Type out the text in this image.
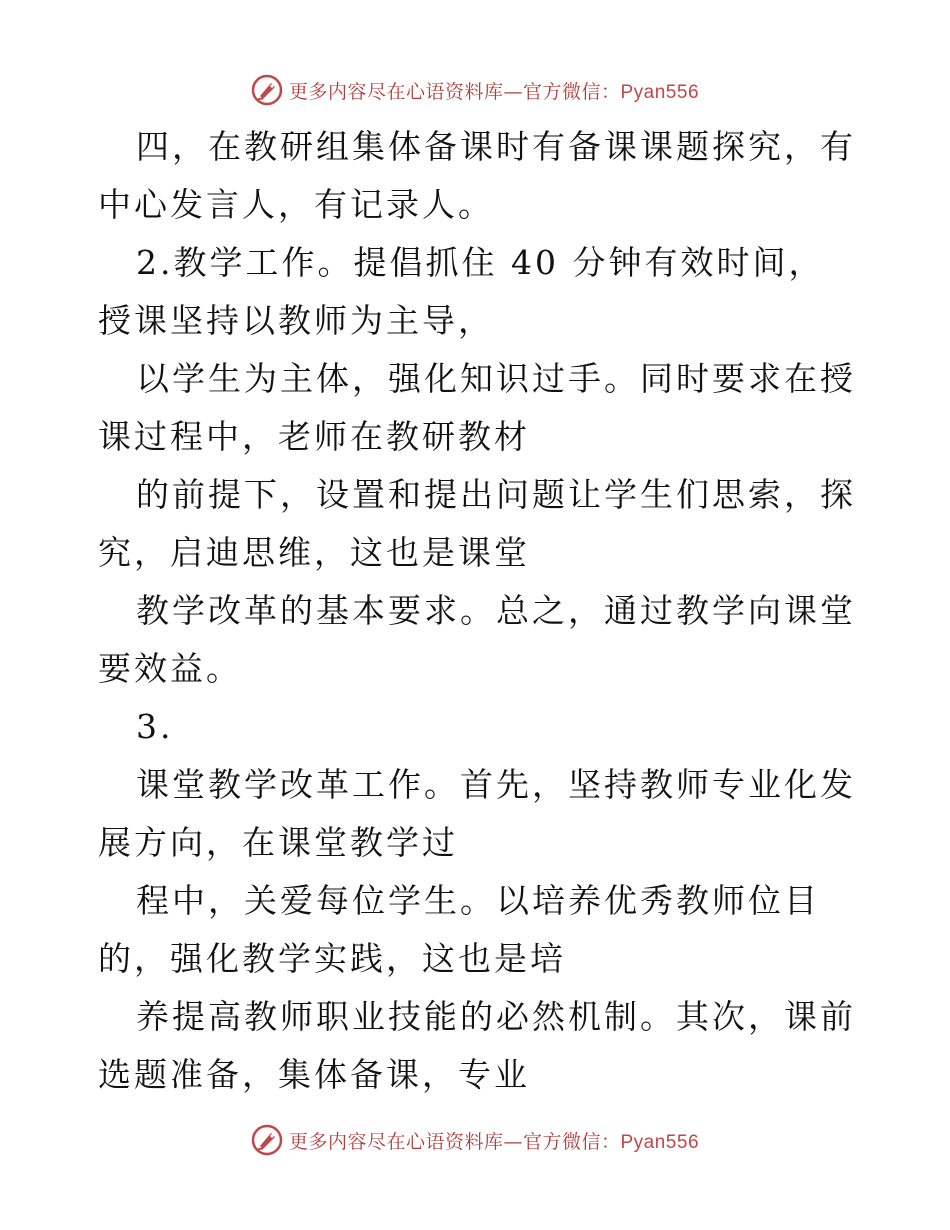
更多内容尽在心语资料库—官方微信：Pyan556

四，在教研组集体备课时有备课课题探究，有中心发言人，有记录人。

2.教学工作。提倡抓住 40 分钟有效时间，授课坚持以教师为主导，

以学生为主体，强化知识过手。同时要求在授课过程中，老师在教研教材

的前提下，设置和提出问题让学生们思索，探究，启迪思维，这也是课堂

教学改革的基本要求。总之，通过教学向课堂要效益。

3.

课堂教学改革工作。首先，坚持教师专业化发展方向，在课堂教学过

程中，关爱每位学生。以培养优秀教师位目的，强化教学实践，这也是培

养提高教师职业技能的必然机制。其次，课前选题准备，集体备课，专业

更多内容尽在心语资料库—官方微信：Pyan556
